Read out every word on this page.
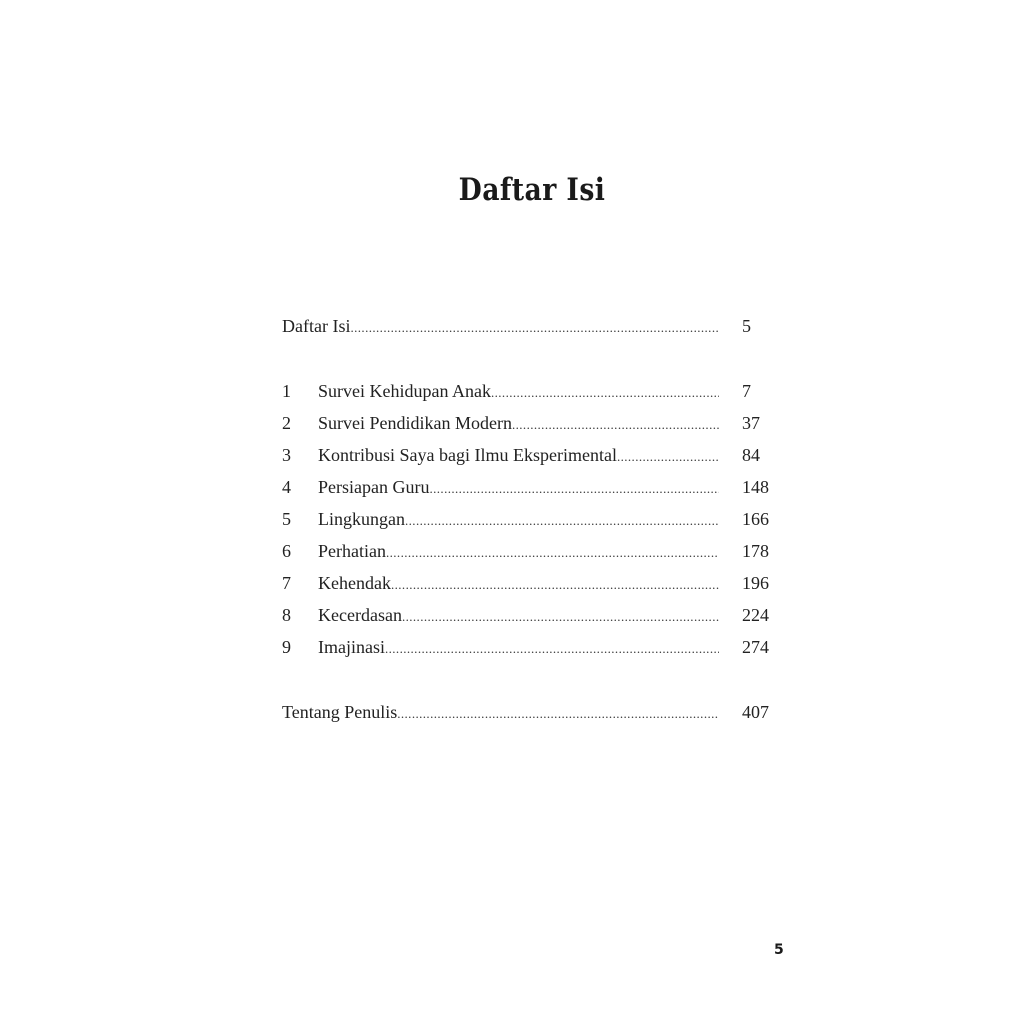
Daftar Isi
Daftar Isi .....	5
1 Survei Kehidupan Anak .....	7
2 Survei Pendidikan Modern .....	37
3 Kontribusi Saya bagi Ilmu Eksperimental .....	84
4 Persiapan Guru .....	148
5 Lingkungan .....	166
6 Perhatian .....	178
7 Kehendak .....	196
8 Kecerdasan .....	224
9 Imajinasi .....	274
Tentang Penulis .....	407
5
